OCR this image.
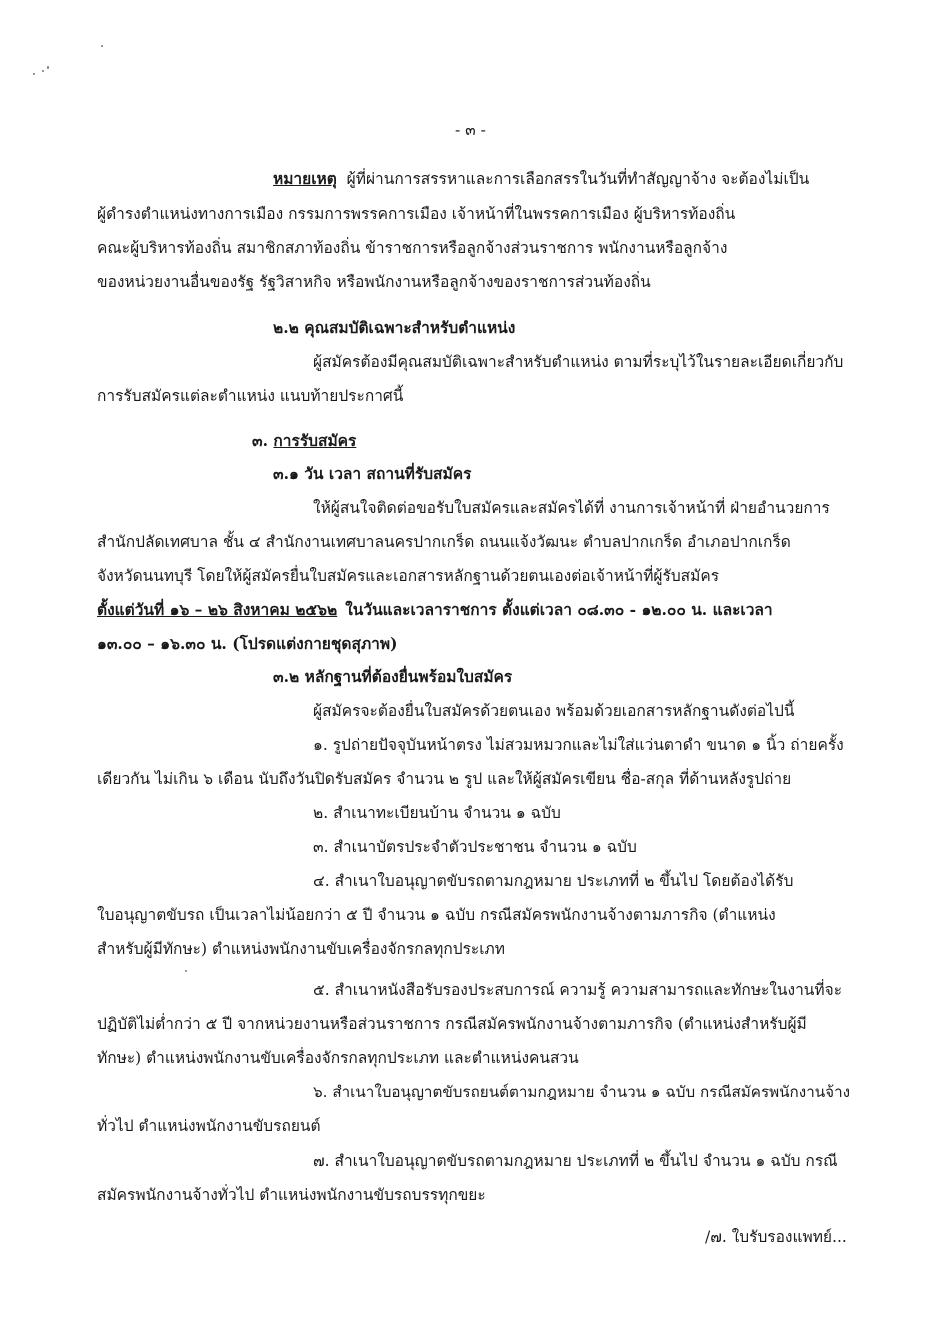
- ๓ -
หมายเหตุ ผู้ที่ผ่านการสรรหาและการเลือกสรรในวันที่ทำสัญญาจ้าง จะต้องไม่เป็น
ผู้ดำรงตำแหน่งทางการเมือง กรรมการพรรคการเมือง เจ้าหน้าที่ในพรรคการเมือง ผู้บริหารท้องถิ่น
คณะผู้บริหารท้องถิ่น สมาชิกสภาท้องถิ่น ข้าราชการหรือลูกจ้างส่วนราชการ พนักงานหรือลูกจ้าง
ของหน่วยงานอื่นของรัฐ รัฐวิสาหกิจ หรือพนักงานหรือลูกจ้างของราชการส่วนท้องถิ่น
๒.๒ คุณสมบัติเฉพาะสำหรับตำแหน่ง
ผู้สมัครต้องมีคุณสมบัติเฉพาะสำหรับตำแหน่ง ตามที่ระบุไว้ในรายละเอียดเกี่ยวกับ
การรับสมัครแต่ละตำแหน่ง แนบท้ายประกาศนี้
๓. การรับสมัคร
๓.๑ วัน เวลา สถานที่รับสมัคร
ให้ผู้สนใจติดต่อขอรับใบสมัครและสมัครได้ที่ งานการเจ้าหน้าที่ ฝ่ายอำนวยการ
สำนักปลัดเทศบาล ชั้น ๔ สำนักงานเทศบาลนครปากเกร็ด ถนนแจ้งวัฒนะ ตำบลปากเกร็ด อำเภอปากเกร็ด
จังหวัดนนทบุรี โดยให้ผู้สมัครยื่นใบสมัครและเอกสารหลักฐานด้วยตนเองต่อเจ้าหน้าที่ผู้รับสมัคร
ตั้งแต่วันที่ ๑๖ – ๒๖ สิงหาคม ๒๕๖๒ ในวันและเวลาราชการ ตั้งแต่เวลา ๐๘.๓๐ - ๑๒.๐๐ น. และเวลา
๑๓.๐๐ – ๑๖.๓๐ น. (โปรดแต่งกายชุดสุภาพ)
๓.๒ หลักฐานที่ต้องยื่นพร้อมใบสมัคร
ผู้สมัครจะต้องยื่นใบสมัครด้วยตนเอง พร้อมด้วยเอกสารหลักฐานดังต่อไปนี้
๑. รูปถ่ายปัจจุบันหน้าตรง ไม่สวมหมวกและไม่ใส่แว่นตาดำ ขนาด ๑ นิ้ว ถ่ายครั้ง
เดียวกัน ไม่เกิน ๖ เดือน นับถึงวันปิดรับสมัคร จำนวน ๒ รูป และให้ผู้สมัครเขียน ชื่อ-สกุล ที่ด้านหลังรูปถ่าย
๒. สำเนาทะเบียนบ้าน จำนวน ๑ ฉบับ
๓. สำเนาบัตรประจำตัวประชาชน จำนวน ๑ ฉบับ
๔. สำเนาใบอนุญาตขับรถตามกฎหมาย ประเภทที่ ๒ ขึ้นไป โดยต้องได้รับ
ใบอนุญาตขับรถ เป็นเวลาไม่น้อยกว่า ๕ ปี จำนวน ๑ ฉบับ กรณีสมัครพนักงานจ้างตามภารกิจ (ตำแหน่ง
สำหรับผู้มีทักษะ) ตำแหน่งพนักงานขับเครื่องจักรกลทุกประเภท
๕. สำเนาหนังสือรับรองประสบการณ์ ความรู้ ความสามารถและทักษะในงานที่จะ
ปฏิบัติไม่ต่ำกว่า ๕ ปี จากหน่วยงานหรือส่วนราชการ กรณีสมัครพนักงานจ้างตามภารกิจ (ตำแหน่งสำหรับผู้มี
ทักษะ) ตำแหน่งพนักงานขับเครื่องจักรกลทุกประเภท และตำแหน่งคนสวน
๖. สำเนาใบอนุญาตขับรถยนต์ตามกฎหมาย จำนวน ๑ ฉบับ กรณีสมัครพนักงานจ้าง
ทั่วไป ตำแหน่งพนักงานขับรถยนต์
๗. สำเนาใบอนุญาตขับรถตามกฎหมาย ประเภทที่ ๒ ขึ้นไป จำนวน ๑ ฉบับ กรณี
สมัครพนักงานจ้างทั่วไป ตำแหน่งพนักงานขับรถบรรทุกขยะ
/๗. ใบรับรองแพทย์...
